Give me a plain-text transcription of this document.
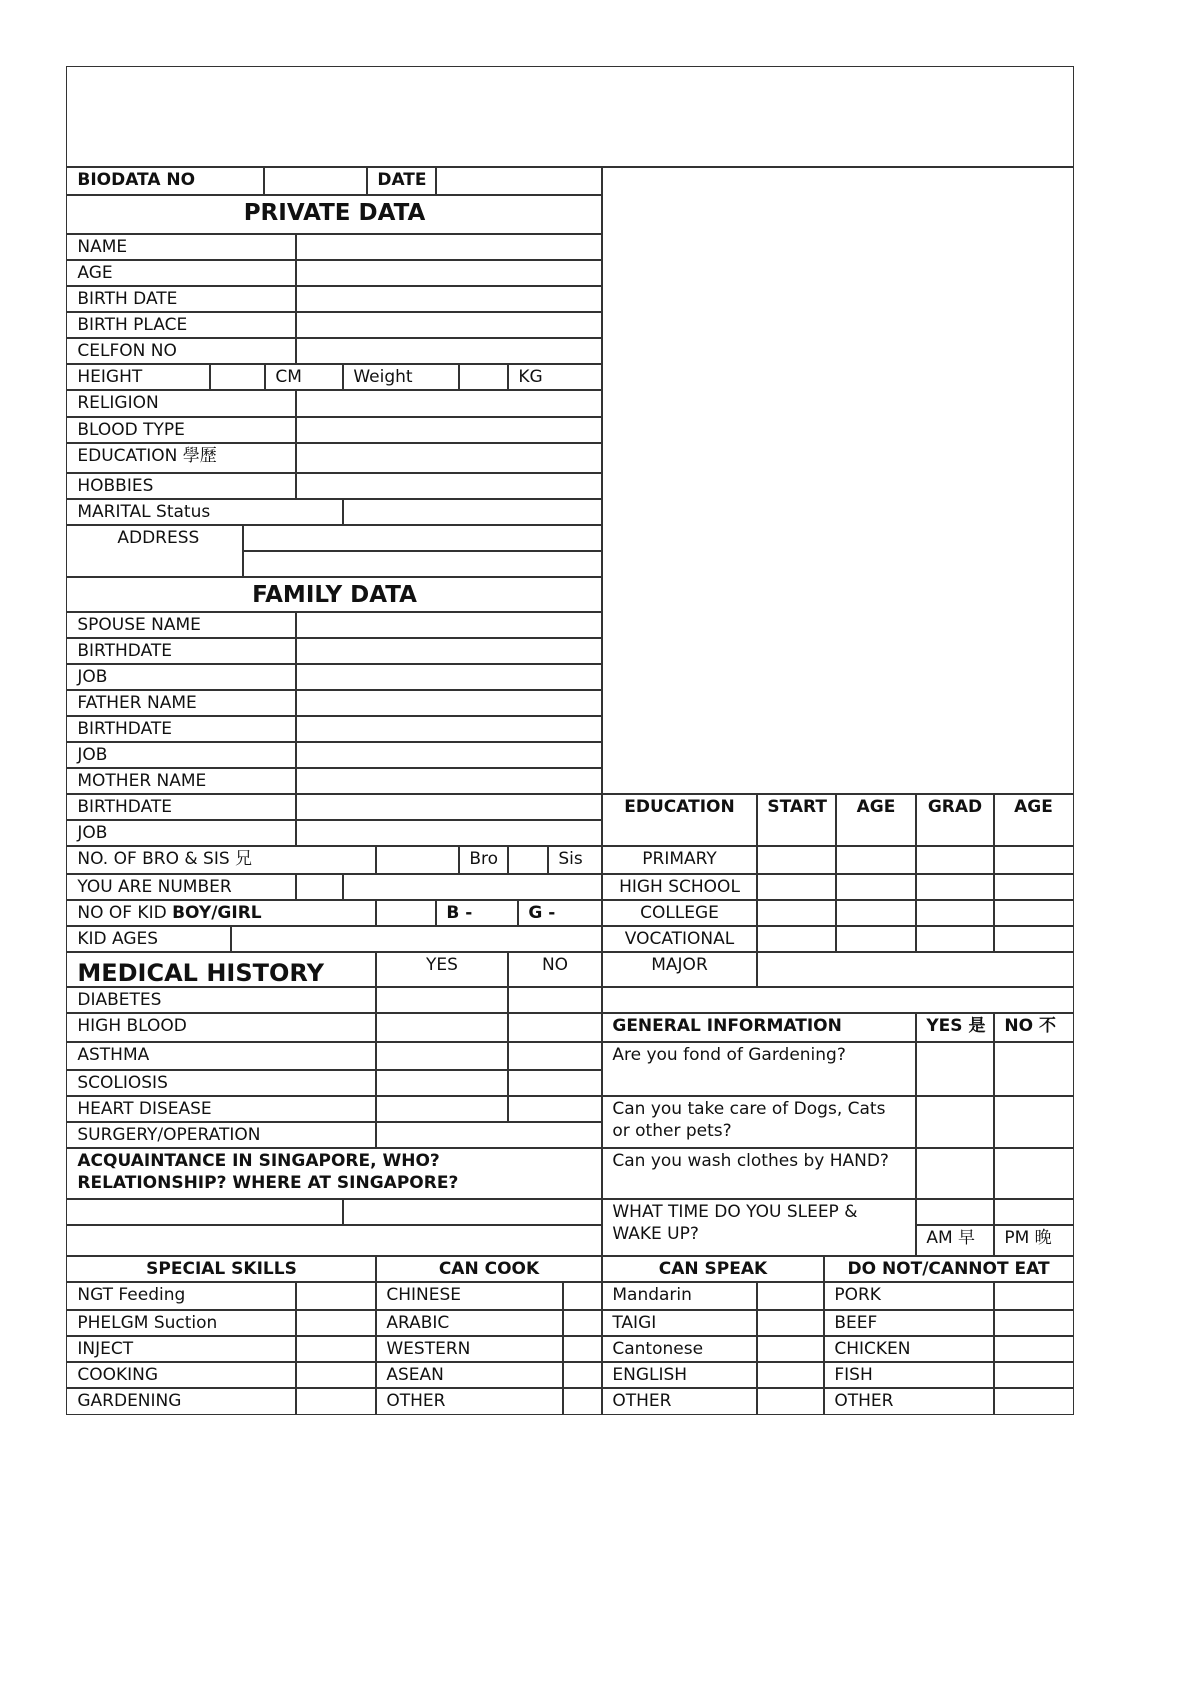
BIODATA NO	DATE
PRIVATE DATA
NAME
AGE
BIRTH DATE
BIRTH PLACE
CELFON NO
HEIGHT	CM	Weight	KG
RELIGION
BLOOD TYPE
EDUCATION 學歷
HOBBIES
MARITAL Status
ADDRESS
FAMILY DATA
SPOUSE NAME
BIRTHDATE
JOB
FATHER NAME
BIRTHDATE
JOB
MOTHER NAME
BIRTHDATE
JOB
NO. OF BRO & SIS 兄	Bro	Sis
YOU ARE NUMBER
NO OF KID BOY/GIRL	B -	G -
KID AGES
MEDICAL HISTORY	YES	NO
DIABETES
HIGH BLOOD
ASTHMA
SCOLIOSIS
HEART DISEASE
SURGERY/OPERATION
ACQUAINTANCE IN SINGAPORE, WHO? RELATIONSHIP? WHERE AT SINGAPORE?
EDUCATION	START	AGE	GRAD	AGE
PRIMARY
HIGH SCHOOL
COLLEGE
VOCATIONAL
MAJOR
GENERAL INFORMATION	YES 是	NO 不
Are you fond of Gardening?
Can you take care of Dogs, Cats or other pets?
Can you wash clothes by HAND?
WHAT TIME DO YOU SLEEP & WAKE UP?	AM 早	PM 晚
SPECIAL SKILLS	CAN COOK	CAN SPEAK	DO NOT/CANNOT EAT
NGT Feeding	CHINESE	Mandarin	PORK
PHELGM Suction	ARABIC	TAIGI	BEEF
INJECT	WESTERN	Cantonese	CHICKEN
COOKING	ASEAN	ENGLISH	FISH
GARDENING	OTHER	OTHER	OTHER
